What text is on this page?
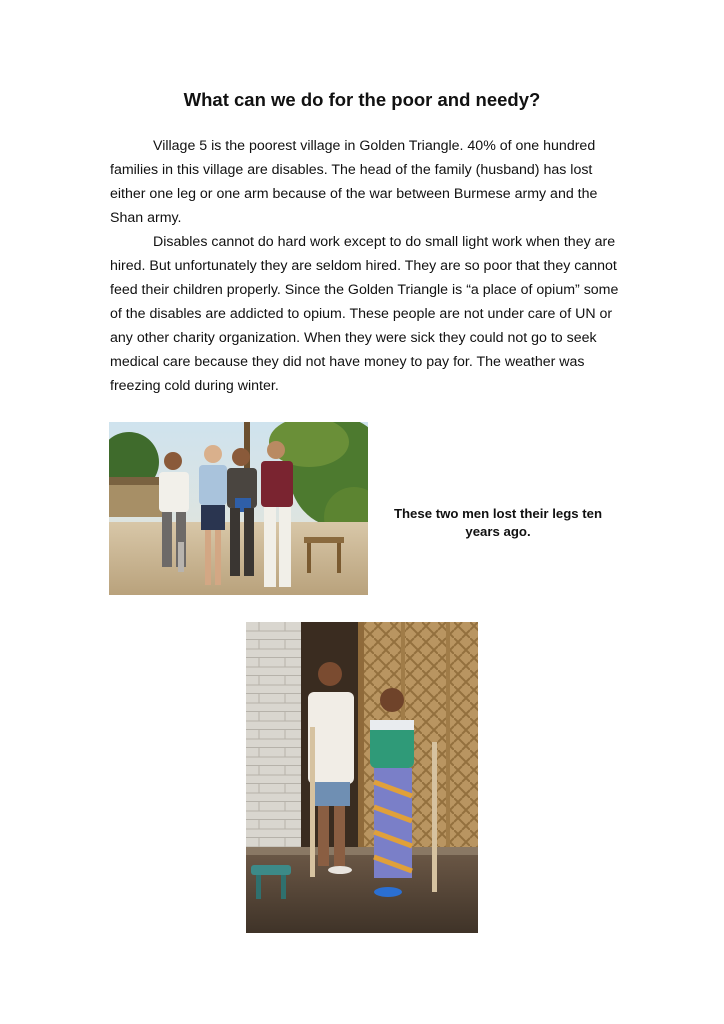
What can we do for the poor and needy?

Village 5 is the poorest village in Golden Triangle. 40% of one hundred families in this village are disables. The head of the family (husband) has lost either one leg or one arm because of the war between Burmese army and the Shan army.

Disables cannot do hard work except to do small light work when they are hired. But unfortunately they are seldom hired. They are so poor that they cannot feed their children properly. Since the Golden Triangle is “a place of opium” some of the disables are addicted to opium. These people are not under care of UN or any other charity organization. When they were sick they could not go to seek medical care because they did not have money to pay for. The weather was freezing cold during winter.

These two men lost their legs ten years ago.
